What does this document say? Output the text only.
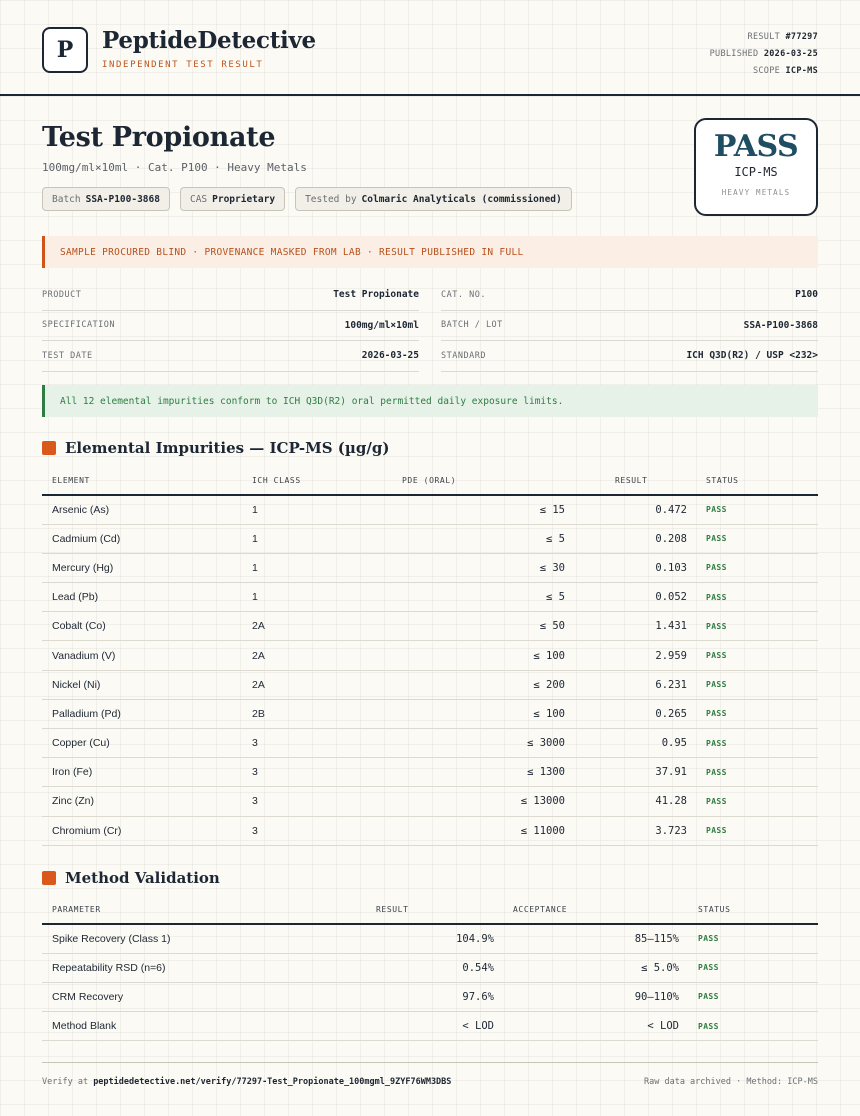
P	PeptideDetective
INDEPENDENT TEST RESULT
RESULT #77297
PUBLISHED 2026-03-25
SCOPE ICP-MS
Test Propionate
100mg/ml×10ml · Cat. P100 · Heavy Metals
Batch SSA-P100-3868	CAS Proprietary	Tested by Colmaric Analyticals (commissioned)
PASS
ICP-MS
HEAVY METALS
SAMPLE PROCURED BLIND · PROVENANCE MASKED FROM LAB · RESULT PUBLISHED IN FULL
PRODUCT	Test Propionate	CAT. NO.	P100
SPECIFICATION	100mg/ml×10ml	BATCH / LOT	SSA-P100-3868
TEST DATE	2026-03-25	STANDARD	ICH Q3D(R2) / USP <232>
All 12 elemental impurities conform to ICH Q3D(R2) oral permitted daily exposure limits.
Elemental Impurities — ICP-MS (µg/g)
ELEMENT	ICH CLASS	PDE (ORAL)	RESULT	STATUS
Arsenic (As)	1	≤ 15	0.472	PASS
Cadmium (Cd)	1	≤ 5	0.208	PASS
Mercury (Hg)	1	≤ 30	0.103	PASS
Lead (Pb)	1	≤ 5	0.052	PASS
Cobalt (Co)	2A	≤ 50	1.431	PASS
Vanadium (V)	2A	≤ 100	2.959	PASS
Nickel (Ni)	2A	≤ 200	6.231	PASS
Palladium (Pd)	2B	≤ 100	0.265	PASS
Copper (Cu)	3	≤ 3000	0.95	PASS
Iron (Fe)	3	≤ 1300	37.91	PASS
Zinc (Zn)	3	≤ 13000	41.28	PASS
Chromium (Cr)	3	≤ 11000	3.723	PASS
Method Validation
PARAMETER	RESULT	ACCEPTANCE	STATUS
Spike Recovery (Class 1)	104.9%	85–115%	PASS
Repeatability RSD (n=6)	0.54%	≤ 5.0%	PASS
CRM Recovery	97.6%	90–110%	PASS
Method Blank	< LOD	< LOD	PASS
Verify at peptidedetective.net/verify/77297-Test_Propionate_100mgml_9ZYF76WM3DBS	Raw data archived · Method: ICP-MS
